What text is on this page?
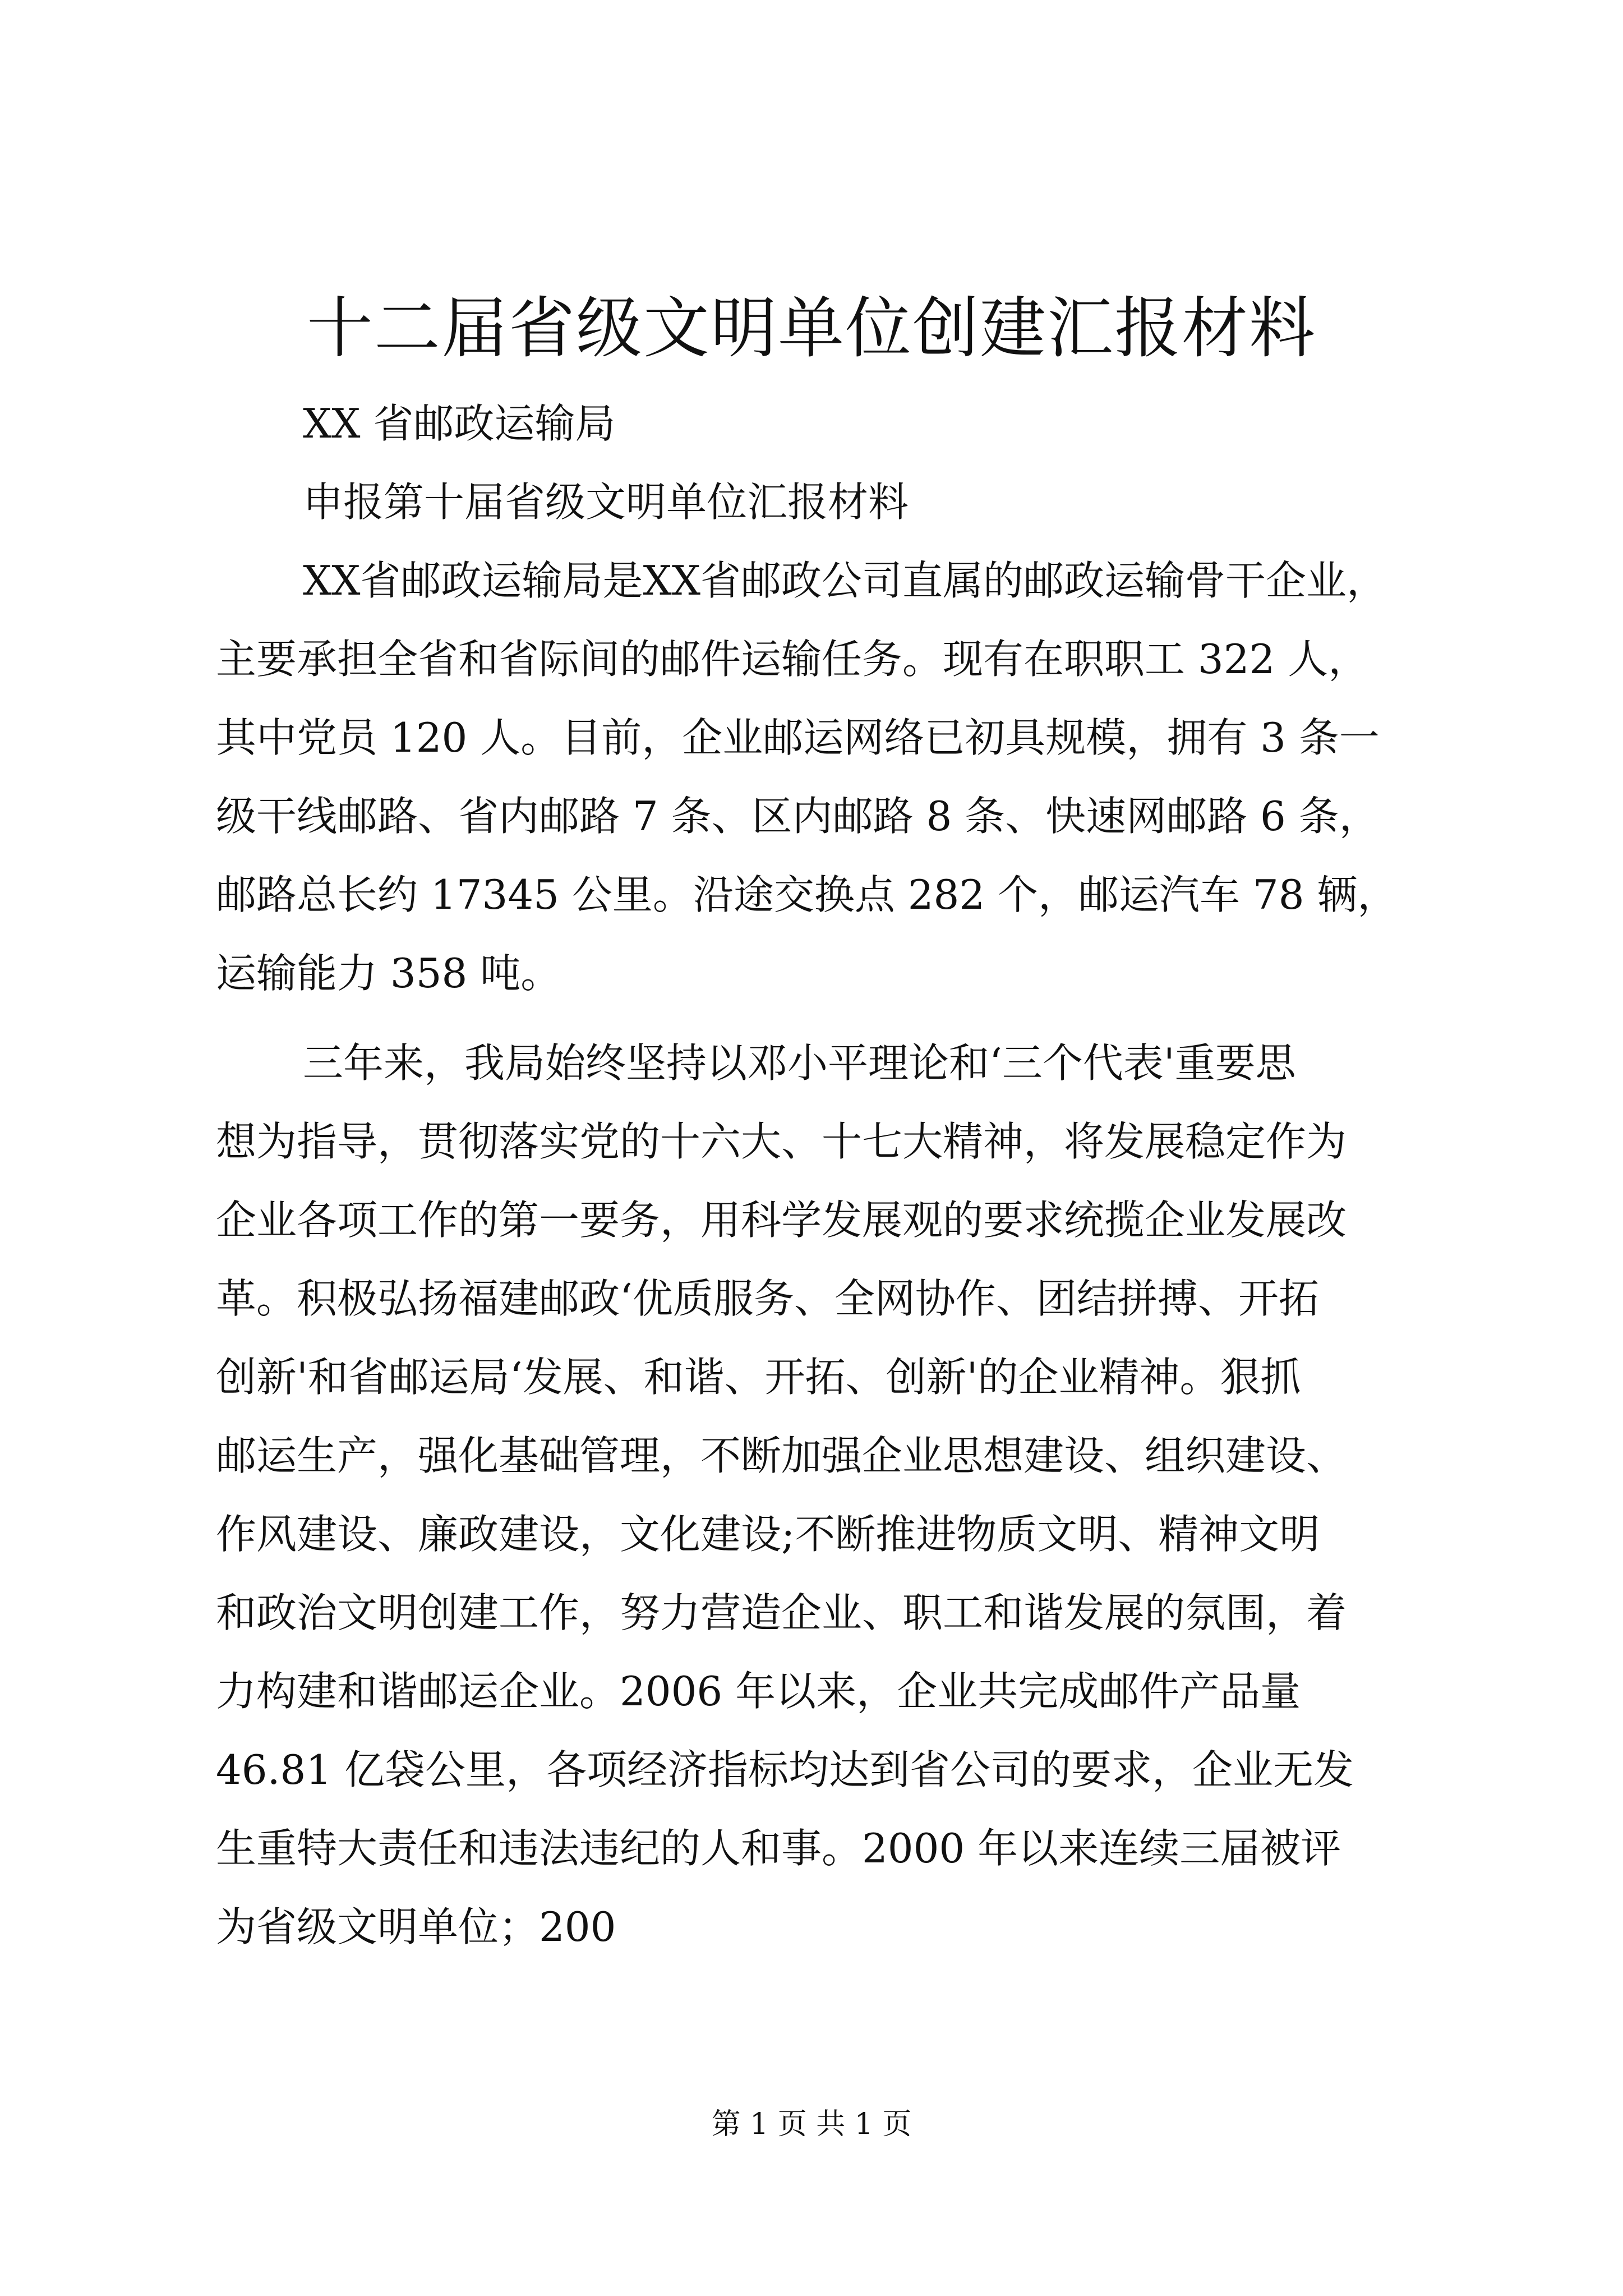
十二届省级文明单位创建汇报材料

XX 省邮政运输局

申报第十届省级文明单位汇报材料

XX省邮政运输局是XX省邮政公司直属的邮政运输骨干企业，

主要承担全省和省际间的邮件运输任务。现有在职职工 322 人，

其中党员 120 人。目前，企业邮运网络已初具规模，拥有 3 条一

级干线邮路、省内邮路 7 条、区内邮路 8 条、快速网邮路 6 条，

邮路总长约 17345 公里。沿途交换点 282 个，邮运汽车 78 辆，

运输能力 358 吨。

三年来，我局始终坚持以邓小平理论和‘三个代表'重要思

想为指导，贯彻落实党的十六大、十七大精神，将发展稳定作为

企业各项工作的第一要务，用科学发展观的要求统揽企业发展改

革。积极弘扬福建邮政‘优质服务、全网协作、团结拼搏、开拓

创新'和省邮运局‘发展、和谐、开拓、创新'的企业精神。狠抓

邮运生产，强化基础管理，不断加强企业思想建设、组织建设、

作风建设、廉政建设，文化建设;不断推进物质文明、精神文明

和政治文明创建工作，努力营造企业、职工和谐发展的氛围，着

力构建和谐邮运企业。2006 年以来，企业共完成邮件产品量

46.81 亿袋公里，各项经济指标均达到省公司的要求，企业无发

生重特大责任和违法违纪的人和事。2000 年以来连续三届被评

为省级文明单位；200

第 1 页 共 1 页
